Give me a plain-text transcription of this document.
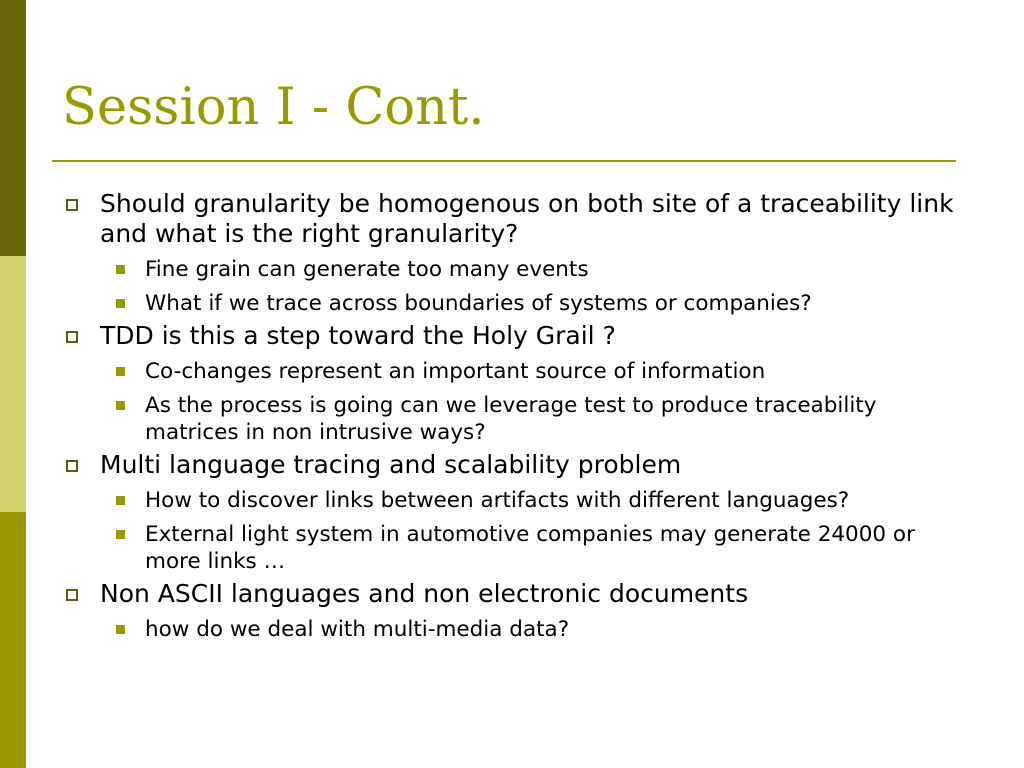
Session I - Cont.
Should granularity be homogenous on both site of a traceability link and what is the right granularity?
Fine grain can generate too many events
What if we trace across boundaries of systems or companies?
TDD is this a step toward the Holy Grail ?
Co-changes represent an important source of information
As the process is going can we leverage test to produce traceability matrices in non intrusive ways?
Multi language tracing and scalability problem
How to discover links between artifacts with different languages?
External light system in automotive companies may generate 24000 or more links …
Non ASCII languages and non electronic documents
how do we deal with multi-media data?
